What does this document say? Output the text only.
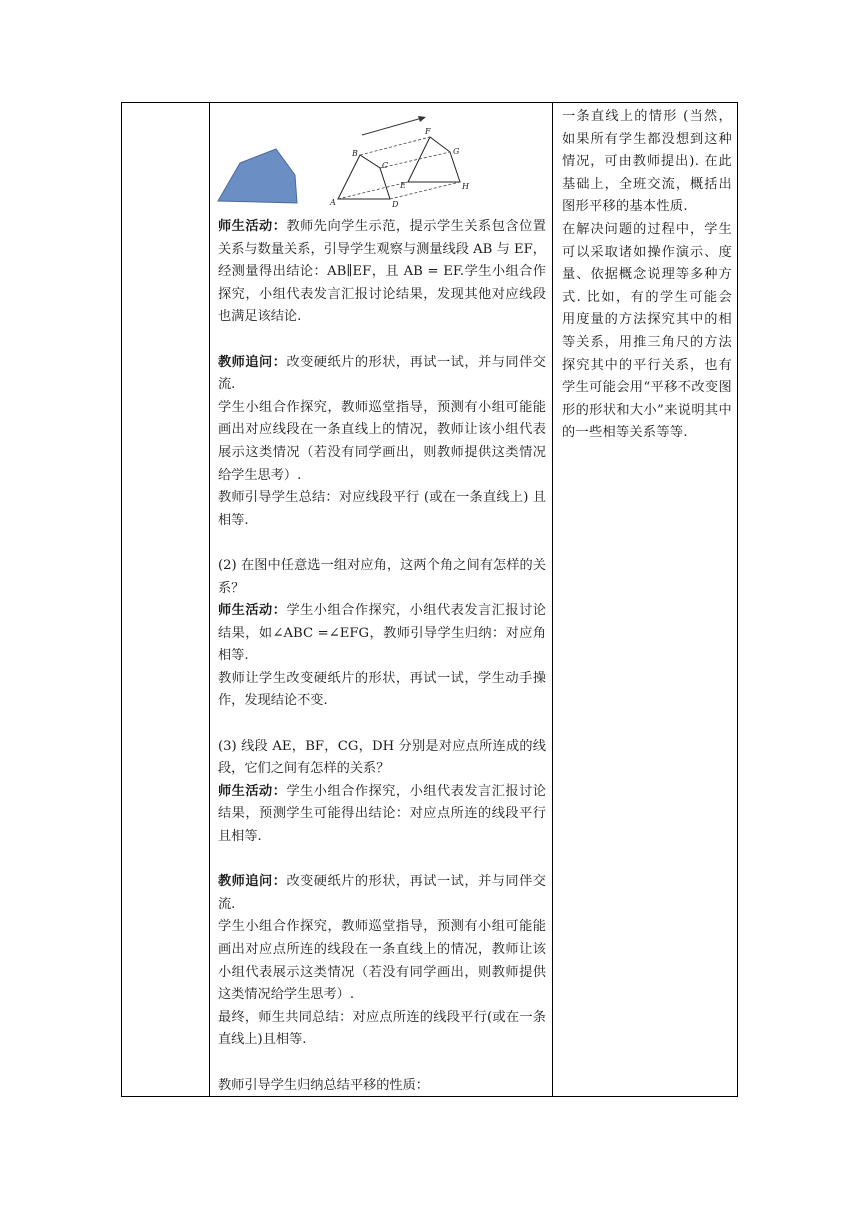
A
B
C
D
E
F
G
H

师生活动：教师先向学生示范，提示学生关系包含位置关系与数量关系，引导学生观察与测量线段 AB 与 EF，经测量得出结论：AB∥EF，且 AB = EF.学生小组合作探究，小组代表发言汇报讨论结果，发现其他对应线段也满足该结论.

教师追问：改变硬纸片的形状，再试一试，并与同伴交流.

学生小组合作探究，教师巡堂指导，预测有小组可能能画出对应线段在一条直线上的情况，教师让该小组代表展示这类情况（若没有同学画出，则教师提供这类情况给学生思考）.

教师引导学生总结：对应线段平行 (或在一条直线上) 且相等.

(2) 在图中任意选一组对应角，这两个角之间有怎样的关系？

师生活动：学生小组合作探究，小组代表发言汇报讨论结果，如∠ABC =∠EFG，教师引导学生归纳：对应角相等.

教师让学生改变硬纸片的形状，再试一试，学生动手操作，发现结论不变.

(3) 线段 AE，BF，CG，DH 分别是对应点所连成的线段，它们之间有怎样的关系？

师生活动：学生小组合作探究，小组代表发言汇报讨论结果，预测学生可能得出结论：对应点所连的线段平行且相等.

教师追问：改变硬纸片的形状，再试一试，并与同伴交流.

学生小组合作探究，教师巡堂指导，预测有小组可能能画出对应点所连的线段在一条直线上的情况，教师让该小组代表展示这类情况（若没有同学画出，则教师提供这类情况给学生思考）.

最终，师生共同总结：对应点所连的线段平行(或在一条直线上)且相等.

教师引导学生归纳总结平移的性质：

一条直线上的情形 (当然，如果所有学生都没想到这种情况，可由教师提出). 在此基础上，全班交流，概括出图形平移的基本性质.

在解决问题的过程中，学生可以采取诸如操作演示、度量、依据概念说理等多种方式. 比如，有的学生可能会用度量的方法探究其中的相等关系，用推三角尺的方法探究其中的平行关系，也有学生可能会用“平移不改变图形的形状和大小”来说明其中的一些相等关系等等.
